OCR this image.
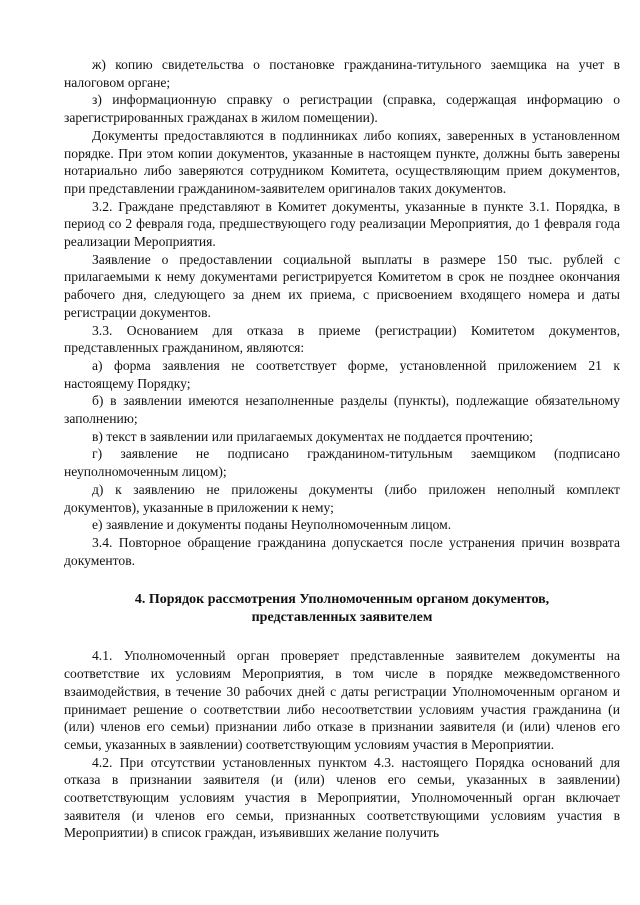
ж) копию свидетельства о постановке гражданина-титульного заемщика на учет в налоговом органе;

з) информационную справку о регистрации (справка, содержащая информацию о зарегистрированных гражданах в жилом помещении).

Документы предоставляются в подлинниках либо копиях, заверенных в установленном порядке. При этом копии документов, указанные в настоящем пункте, должны быть заверены нотариально либо заверяются сотрудником Комитета, осуществляющим прием документов, при представлении гражданином-заявителем оригиналов таких документов.

3.2. Граждане представляют в Комитет документы, указанные в пункте 3.1. Порядка, в период со 2 февраля года, предшествующего году реализации Мероприятия, до 1 февраля года реализации Мероприятия.

Заявление о предоставлении социальной выплаты в размере 150 тыс. рублей с прилагаемыми к нему документами регистрируется Комитетом в срок не позднее окончания рабочего дня, следующего за днем их приема, с присвоением входящего номера и даты регистрации документов.

3.3. Основанием для отказа в приеме (регистрации) Комитетом документов, представленных гражданином, являются:

а) форма заявления не соответствует форме, установленной приложением 21 к настоящему Порядку;

б) в заявлении имеются незаполненные разделы (пункты), подлежащие обязательному заполнению;

в) текст в заявлении или прилагаемых документах не поддается прочтению;

г) заявление не подписано гражданином-титульным заемщиком (подписано неуполномоченным лицом);

д) к заявлению не приложены документы (либо приложен неполный комплект документов), указанные в приложении к нему;

е) заявление и документы поданы Неуполномоченным лицом.

3.4. Повторное обращение гражданина допускается после устранения причин возврата документов.

4. Порядок рассмотрения Уполномоченным органом документов,

представленных заявителем

4.1. Уполномоченный орган проверяет представленные заявителем документы на соответствие их условиям Мероприятия, в том числе в порядке межведомственного взаимодействия, в течение 30 рабочих дней с даты регистрации Уполномоченным органом и принимает решение о соответствии либо несоответствии условиям участия гражданина (и (или) членов его семьи) признании либо отказе в признании заявителя (и (или) членов его семьи, указанных в заявлении) соответствующим условиям участия в Мероприятии.

4.2. При отсутствии установленных пунктом 4.3. настоящего Порядка оснований для отказа в признании заявителя (и (или) членов его семьи, указанных в заявлении) соответствующим условиям участия в Мероприятии, Уполномоченный орган включает заявителя (и членов его семьи, признанных соответствующими условиям участия в Мероприятии) в список граждан, изъявивших желание получить
